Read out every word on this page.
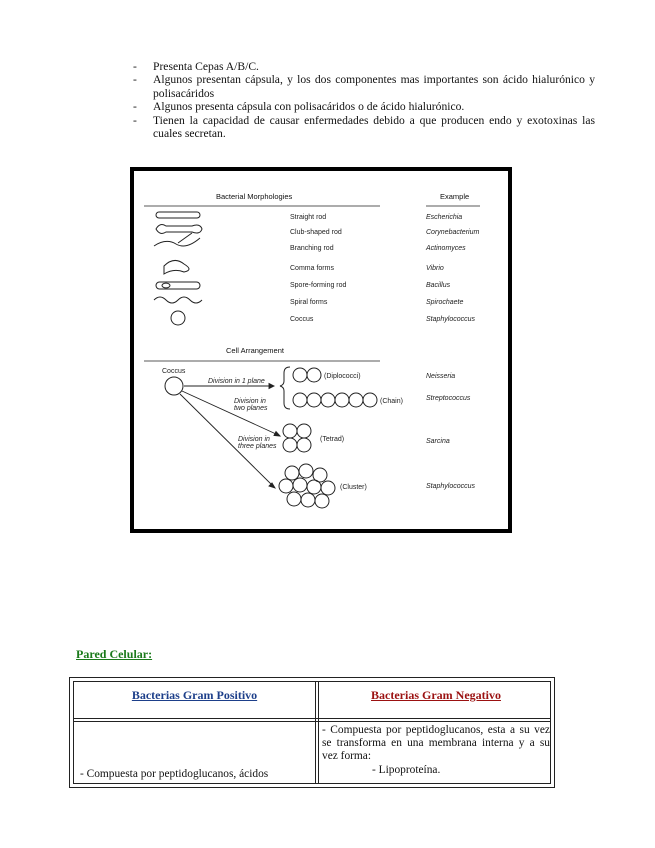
- Presenta Cepas A/B/C.
- Algunos presentan cápsula, y los dos componentes mas importantes son ácido hialurónico y polisacáridos
- Algunos presenta cápsula con polisacáridos o de ácido hialurónico.
- Tienen la capacidad de causar enfermedades debido a que producen endo y exotoxinas las cuales secretan.
Bacterial Morphologies	Example
Straight rod
Club-shaped rod
Branching rod
Comma forms
Spore-forming rod
Spiral forms
Coccus
Escherichia
Corynebacterium
Actinomyces
Vibrio
Bacillus
Spirochaete
Staphylococcus
Cell Arrangement
Coccus
Division in 1 plane
Division in
two planes
Division in
three planes
(Diplococci)
(Chain)
(Tetrad)
(Cluster)
Neisseria
Streptococcus
Sarcina
Staphylococcus

Pared Celular:

Bacterias Gram Positivo	Bacterias Gram Negativo
- Compuesta por peptidoglucanos, ácidos
- Compuesta por peptidoglucanos, esta a su vez se transforma en una membrana interna y a su vez forma:
- Lipoproteína.
